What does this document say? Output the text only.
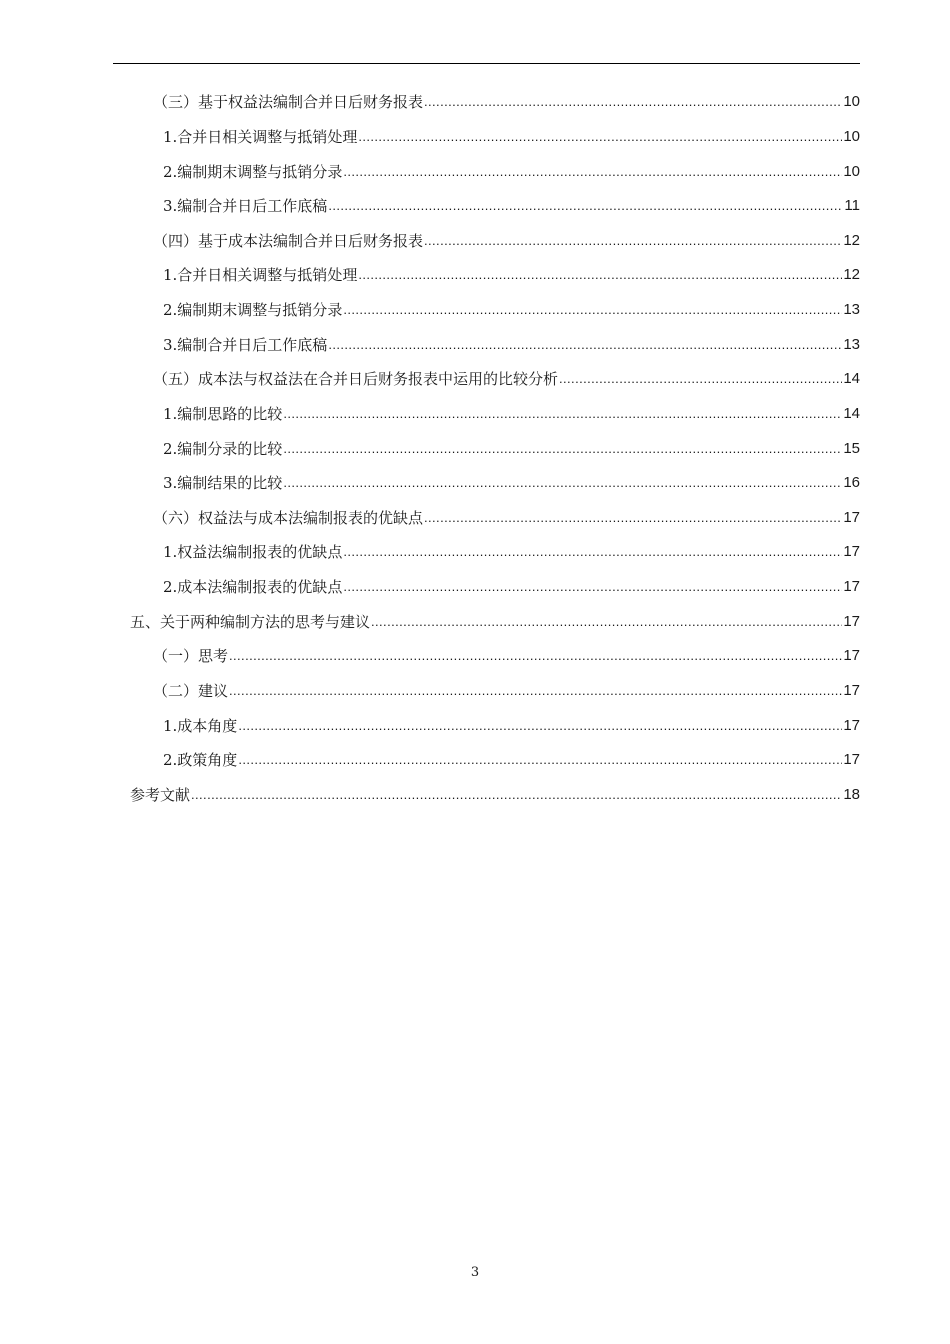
（三）基于权益法编制合并日后财务报表 .....	10
1.合并日相关调整与抵销处理 .....	10
2.编制期末调整与抵销分录 .....	10
3.编制合并日后工作底稿 .....	11
（四）基于成本法编制合并日后财务报表 .....	12
1.合并日相关调整与抵销处理 .....	12
2.编制期末调整与抵销分录 .....	13
3.编制合并日后工作底稿 .....	13
（五）成本法与权益法在合并日后财务报表中运用的比较分析 .....	14
1.编制思路的比较 .....	14
2.编制分录的比较 .....	15
3.编制结果的比较 .....	16
（六）权益法与成本法编制报表的优缺点 .....	17
1.权益法编制报表的优缺点 .....	17
2.成本法编制报表的优缺点 .....	17
五、关于两种编制方法的思考与建议 .....	17
（一）思考 .....	17
（二）建议 .....	17
1.成本角度 .....	17
2.政策角度 .....	17
参考文献 .....	18
3
